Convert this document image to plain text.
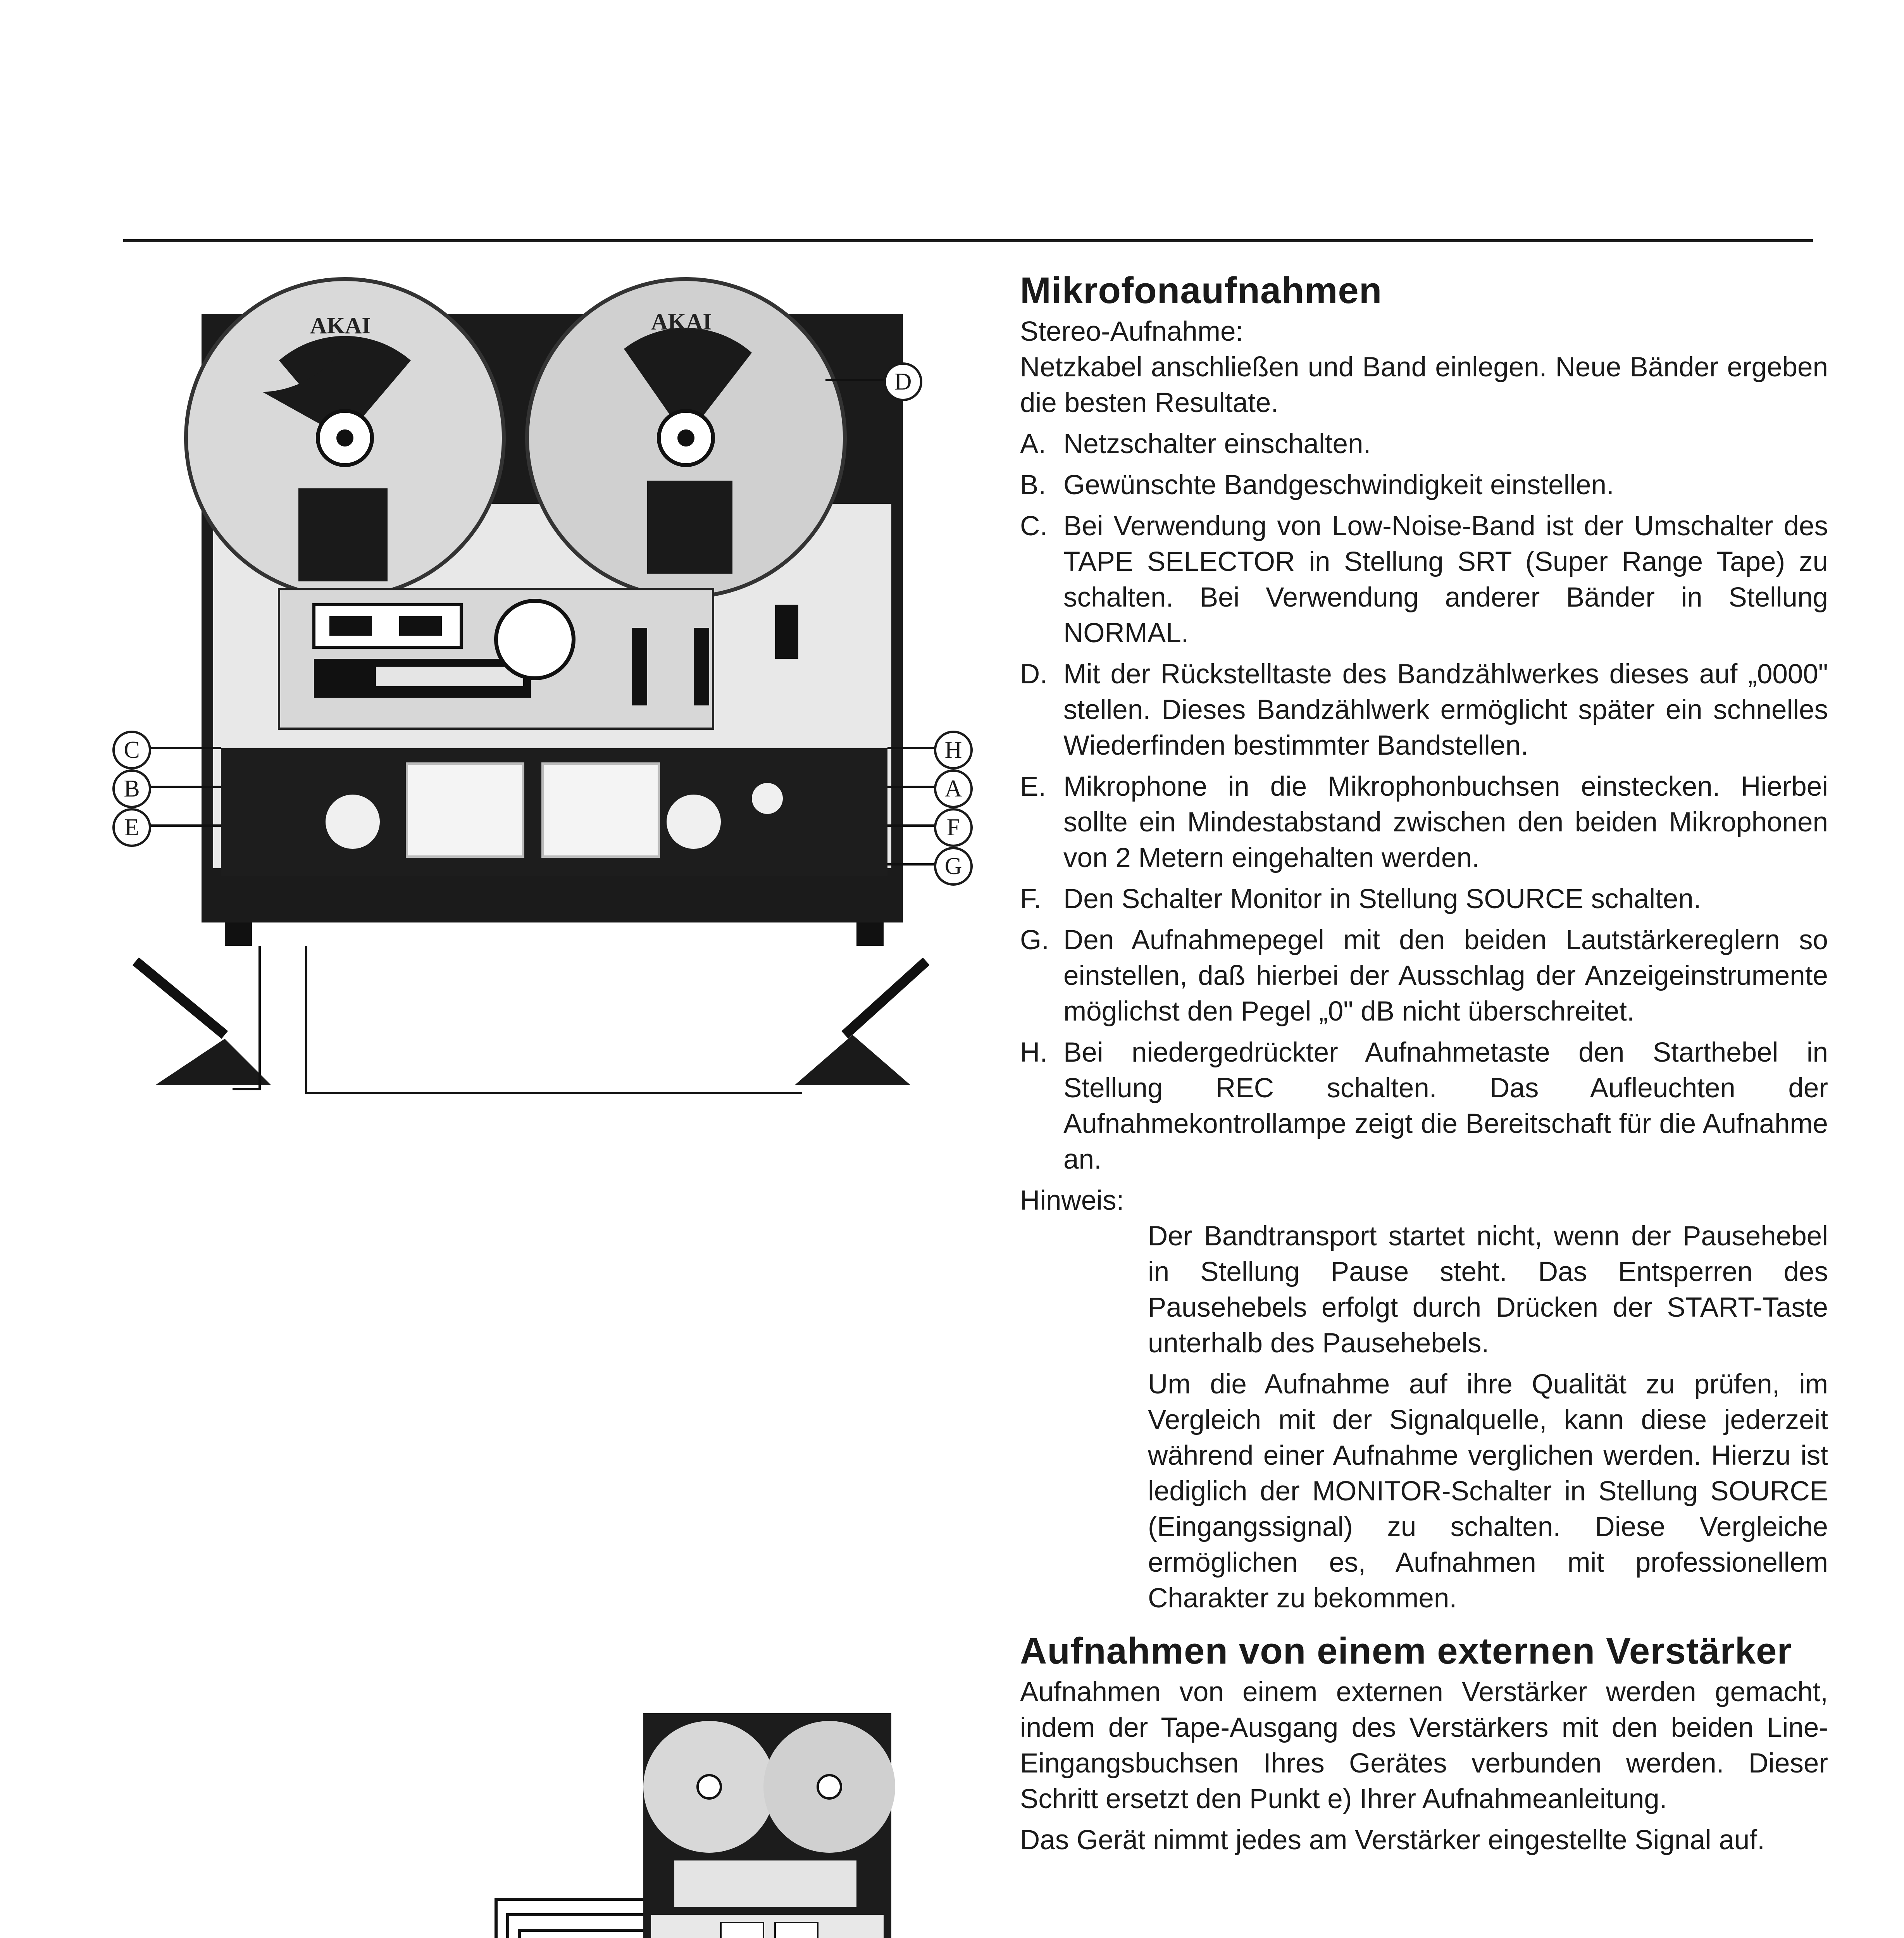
AKAI	AKAI
C
B
E
D
H
A
F
G
Mikrofonaufnahmen

Stereo-Aufnahme:

Netzkabel anschließen und Band einlegen. Neue Bänder ergeben die besten Resultate.

A. Netzschalter einschalten.
B. Gewünschte Bandgeschwindigkeit einstellen.
C. Bei Verwendung von Low-Noise-Band ist der Umschalter des TAPE SELECTOR in Stellung SRT (Super Range Tape) zu schalten. Bei Verwendung anderer Bänder in Stellung NORMAL.
D. Mit der Rückstelltaste des Bandzählwerkes dieses auf „0000" stellen. Dieses Bandzählwerk ermöglicht später ein schnelles Wiederfinden bestimmter Bandstellen.
E. Mikrophone in die Mikrophonbuchsen einstecken. Hierbei sollte ein Mindestabstand zwischen den beiden Mikrophonen von 2 Metern eingehalten werden.
F. Den Schalter Monitor in Stellung SOURCE schalten.
G. Den Aufnahmepegel mit den beiden Lautstärkereglern so einstellen, daß hierbei der Ausschlag der Anzeigeinstrumente möglichst den Pegel „0" dB nicht überschreitet.
H. Bei niedergedrückter Aufnahmetaste den Starthebel in Stellung REC schalten. Das Aufleuchten der Aufnahmekontrollampe zeigt die Bereitschaft für die Aufnahme an.

Hinweis:

Der Bandtransport startet nicht, wenn der Pausehebel in Stellung Pause steht. Das Entsperren des Pausehebels erfolgt durch Drücken der START-Taste unterhalb des Pausehebels.

Um die Aufnahme auf ihre Qualität zu prüfen, im Vergleich mit der Signalquelle, kann diese jederzeit während einer Aufnahme verglichen werden. Hierzu ist lediglich der MONITOR-Schalter in Stellung SOURCE (Eingangssignal) zu schalten. Diese Vergleiche ermöglichen es, Aufnahmen mit professionellem Charakter zu bekommen.

Aufnahmen von einem externen Verstärker

Aufnahmen von einem externen Verstärker werden gemacht, indem der Tape-Ausgang des Verstärkers mit den beiden Line-Eingangsbuchsen Ihres Gerätes verbunden werden. Dieser Schritt ersetzt den Punkt e) Ihrer Aufnahmeanleitung.

Das Gerät nimmt jedes am Verstärker eingestellte Signal auf.
